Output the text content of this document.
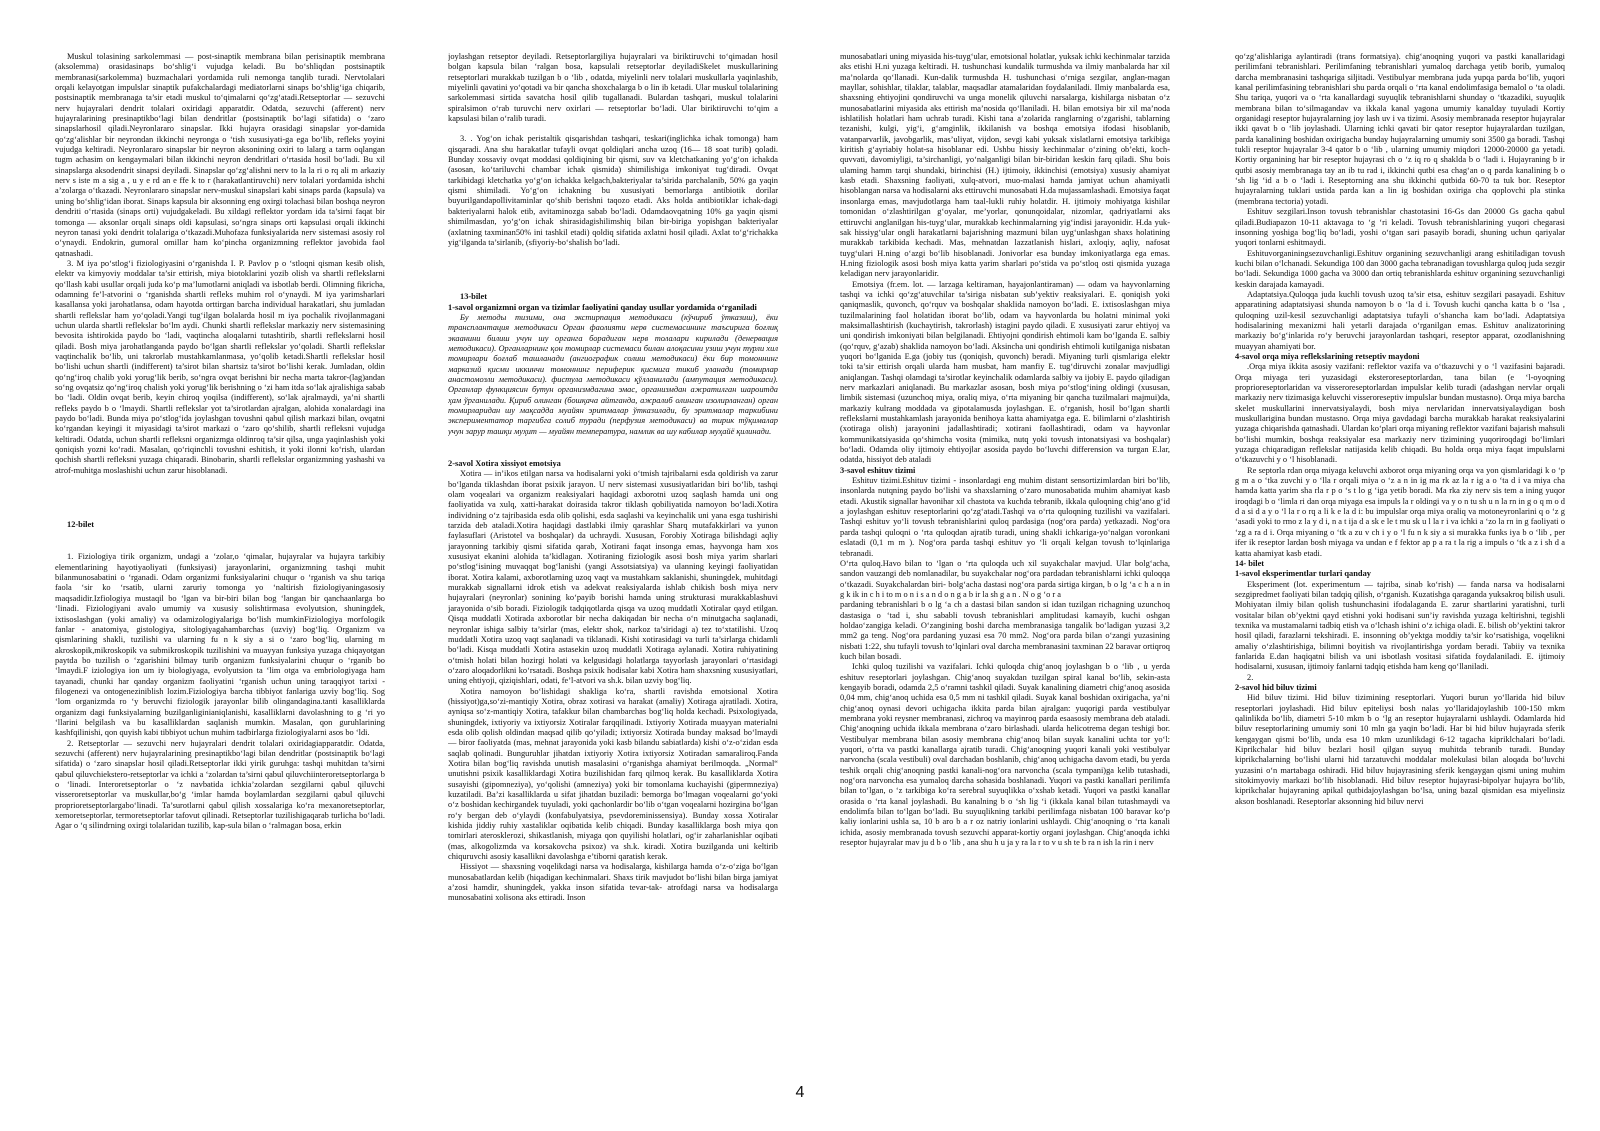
Muskul tolasining sarkolemmasi — post-sinaptik membrana bilan perisinaptik membrana (aksolemma) orasidasinaps bo‘shlig‘i vujudga keladi. Bu bo‘shliqdan postsinaptik membranasi(sarkolemma) buzmachalari yordamida ruli nemonga tanqlib turadi. Nervtolalari orqali kelayotgan impulslar sinaptik pufakchalardagi mediatorlarni sinaps bo‘shlig‘iga chiqarib, postsinaptik membranaga ta’sir etadi muskul to‘qimalarni qo‘zg‘atadi.Retseptorlar — sezuvchi nerv hujayralari dendrit tolalari oxiridagi apparatdir. Odatda, sezuvchi (afferent) nerv hujayralarining presinaptikbo‘lagi bilan dendritlar (postsinaptik bo‘lagi sifatida) o ‘zaro sinapslarhosil qiladi.Neyronlararo sinapslar. Ikki hujayra orasidagi sinapslar yor-damida qo‘zg‘alishlar bir neyrondan ikkinchi neyronga o ‘tish xususiyati-ga ega bo‘lib, refleks yoyini vujudga keltiradi. Neyronlararo sinapslar bir neyron aksonining oxiri to lalarg a tarm oqlangan tugm achasim on kengaymalari bilan ikkinchi neyron dendritlari o‘rtasida hosil bo‘ladi. Bu xil sinapslarga aksodendrit sinapsi deyiladi. Sinapslar qo‘zg‘alishni nerv to la la ri o rq ali m arkaziy nerv s iste m a sig a , u y e rd an e ffe k to r (harakatlantiruvchi) nerv tolalari yordamida ishchi a’zolarga o‘tkazadi. Neyronlararo sinapslar nerv-muskul sinapslari kabi sinaps parda (kapsula) va uning bo‘shlig‘idan iborat. Sinaps kapsula bir aksonning eng oxirgi tolachasi bilan boshqa neyron dendriti o‘rtasida (sinaps orti) vujudgakeladi. Bu xildagi reflektor yordam ida ta’sirni faqat bir tomonga — aksonlar orqali sinaps oldi kapsulasi, so‘ngra sinaps orti kapsulasi orqali ikkinchi neyron tanasi yoki dendrit tolalariga o‘tkazadi.Muhofaza funksiyalarida nerv sistemasi asosiy rol o‘ynaydi. Endokrin, gumoral omillar ham ko‘pincha organizmning reflektor javobida faol qatnashadi.

3. M iya po‘stlog‘i fiziologiyasini o‘rganishda I. P. Pavlov p o ‘stloqni qisman kesib olish, elektr va kimyoviy moddalar ta’sir ettirish, miya biotoklarini yozib olish va shartli reflekslarni qo‘llash kabi usullar orqali juda ko‘p ma’lumotlarni aniqladi va isbotlab berdi. Olimning fikricha, odamning fe’l-atvorini o ‘rganishda shartli refleks muhim rol o‘ynaydi. M iya yarimsharlari kasallansa yoki jarohatlansa, odam hayotda orttirgan barcha individual harakatlari, shu jumladan shartli reflekslar ham yo‘qoladi.Yangi tug‘ilgan bolalarda hosil m iya pochalik rivojlanmagani uchun ularda shartli reflekslar bo‘lm aydi. Chunki shartli reflekslar markaziy nerv sistemasining bevosita ishtirokida paydo bo ‘ladi, vaqtincha aloqalarni tutashtirib, shartli reflekslarni hosil qiladi. Bosh miya jarohatlanganda paydo bo‘lgan shartli reflekslar yo‘qoladi. Shartli reflekslar vaqtinchalik bo‘lib, uni takrorlab mustahkamlanmasa, yo‘qolib ketadi.Shartli reflekslar hosil bo‘lishi uchun shartli (indifferent) ta’sirot bilan shartsiz ta’sirot bo‘lishi kerak. Jumladan, oldin qo‘ng‘iroq chalib yoki yorug‘lik berib, so‘ngra ovqat berishni bir necha marta takror-(lag)andan so‘ng ovqatsiz qo‘ng‘iroq chalish yoki yorug‘lik berishning o ‘zi ham itda so‘lak ajralishiga sabab bo ‘ladi. Oldin ovqat berib, keyin chiroq yoqilsa (indifferent), so‘lak ajralmaydi, ya’ni shartli refleks paydo b o ‘lmaydi. Shartli reflekslar yot ta’sirotlardan ajralgan, alohida xonalardagi ina paydo bo‘ladi. Bunda miya po‘stlog‘ida joylashgan tovushni qabul qilish markazi bilan, ovqatni ko‘rgandan keyingi it miyasidagi ta’sirot markazi o ‘zaro qo‘shilib, shartli refleksni vujudga keltiradi. Odatda, uchun shartli refleksni organizmga oldinroq ta’sir qilsa, unga yaqinlashish yoki qoniqish yozni ko‘radi. Masalan, qo‘riqinchli tovushni eshitish, it yoki ilonni ko‘rish, ulardan qochish shartli refleksni yuzaga chiqaradi. Binobarin, shartli reflekslar organizmning yashashi va atrof-muhitga moslashishi uchun zarur hisoblanadi.

12-bilet

1. Fiziologiya tirik organizm, undagi a ‘zolar,o ‘qimalar, hujayralar va hujayra tarkibiy elementlarining hayotiyaoliyati (funksiyasi) jarayonlarini, organizmning tashqi muhit bilanmunosabatini o ‘rganadi. Odam organizmi funksiyalarini chuqur o ‘rganish va shu tariqa faola ‘sir ko ‘rsatib, ularni zaruriy tomonga yo ‘naltirish fiziologiyaningasosiy maqsadidir.Izfiologiya mustaqil bo ‘lgan va bir-biri bilan bog ‘langan bir qanchaanlarga bo ‘linadi. Fiziologiyani avalo umumiy va xususiy solishtirmasa evolyutsion, shuningdek, ixtisoslashgan (yoki amaliy) va odamizologiyalariga bo‘lish mumkinFiziologiya morfologik fanlar - anatomiya, gistologiya, sitologiyagahambarchas (uzviy) bog‘liq. Organizm va qismlarining shakli, tuzilishi va ularning fu n k siy a si o ‘zaro bog‘liq, ularning m akroskopik,mikroskopik va submikroskopik tuzilishini va muayyan funksiya yuzaga chiqayotgan paytda bo tuzilish o ‘zgarishini bilmay turib organizm funksiyalarini chuqur o ‘rganib bo ‘lmaydi.F iziologiya ion um iy biologiyaga, evolyutsion ta ‘lim otga va embriologiyaga ham tayanadi, chunki har qanday organizm faoliyatini ‘rganish uchun uning taraqqiyot tarixi - filogenezi va ontogeneziniblish lozim.Fiziologiya barcha tibbiyot fanlariga uzviy bog‘liq. Sog ‘lom organizmda ro ‘y beruvchi fiziologik jarayonlar bilib olingandagina.tanti kasalliklarda organizm dagi funksiyalarning buzilganliginianiqlanishi, kasalliklarni davolashning to g ‘ri yo ‘llarini belgilash va bu kasalliklardan saqlanish mumkin. Masalan, qon guruhlarining kashfqilinishi, qon quyish kabi tibbiyot uchun muhim tadbirlarga fiziologiyalarni asos bo ‘ldi.

2. Retseptorlar — sezuvchi nerv hujayralari dendrit tolalari oxiridagiapparatdir. Odatda, sezuvchi (afferent) nerv hujayralarining presinaptikbo‘lagi bilan dendritlar (postsinaptik bo‘lagi sifatida) o ‘zaro sinapslar hosil qiladi.Retseptorlar ikki yirik guruhga: tashqi muhitdan ta’sirni qabul qiluvchiekstero-retseptorlar va ichki a ‘zolardan ta’sirni qabul qiluvchiinteroretseptorlarga b o ‘linadi. Interoretseptorlar o ‘z navbatida ichkia’zolardan sezgilarni qabul qiluvchi visseroretseptorlar va muskullar,bo‘g ‘imlar hamda boylamlardan sezgilarni qabul qiluvchi proprioretseptorlargabo‘linadi. Ta’surotlarni qabul qilish xossalariga ko‘ra mexanoretseptorlar, xemoretseptorlar, termoretseptorlar tafovut qilinadi. Retseptorlar tuzilishigaqarab turlicha bo‘ladi. Agar o ‘q silindrning oxirgi tolalaridan tuzilib, kap-sula bilan o ‘ralmagan bosa, erkin

joylashgan retseptor deyiladi. Retseptorlargiliya hujayralari va biriktiruvchi to‘qimadan hosil bolgan kapsula bilan ‘ralgan bosa, kapsulali retseptorlar deyiladiSkelet muskullarining retseptorlari murakkab tuzilgan b o ‘lib , odatda, miyelinli nerv tolalari muskullarla yaqinlashib, miyelinli qavatini yo‘qotadi va bir qancha shoxchalarga b o lin ib ketadi. Ular muskul tolalarining sarkolemmasi sirtida savatcha hosil qilib tugallanadi. Bulardan tashqari, muskul tolalarini spiralsimon o‘rab turuvchi nerv oxirlari — retseptorlar bo‘ladi. Ular biriktiruvchi to‘qim a kapsulasi bilan o‘ralib turadi.

3. . Yog‘on ichak peristaltik qisqarishdan tashqari, teskari(inglichka ichak tomonga) ham qisqaradi. Ana shu harakatlar tufayli ovqat qoldiqlari ancha uzoq (16— 18 soat turib) qoladi. Bunday xossaviy ovqat moddasi qoldiqining bir qismi, suv va kletchatkaning yo‘g‘on ichakda (asosan, ko‘tariluvchi chambar ichak qismida) shimilishiga imkoniyat tug‘diradi. Ovqat tarkibidagi kletchatka yo‘g‘on ichakka kelgach,bakteriyalar ta’sirida parchalanib, 50% ga yaqin qismi shimiladi. Yo‘g‘on ichakning bu xususiyati bemorlarga antibiotik dorilar buyurilgandapollivitaminlar qo‘shib berishni taqozo etadi. Aks holda antibiotiklar ichak-dagi bakteriyalarni halok etib, avitaminozga sabab bo‘ladi. Odamdaovqatning 10% ga yaqin qismi shimilmasdan, yo‘g‘on ichak shirasidagishilimshiq bilan bir-biriga yopishgan bakteriyalar (axlatning taxminan50% ini tashkil etadi) qoldiq sifatida axlatni hosil qiladi. Axlat to‘g‘richakka yig‘ilganda ta’sirlanib, (sfiyoriy-bo‘shalish bo‘ladi.

13-bilet

1-savol organizmni organ va tizimlar faoliyatini qanday usullar yordamida o‘rganiladi

Бу методы тизими, она экстирпация методикаси (кўчириб ўтказиш), ёки трансплантация методикаси Орган фаолияти нерв системасининг таъсирига боғлиқ экаанини билиш учун шу органга борадиган нерв толалари кирилади (денервация методикаси). Органларнинг қон томирлар системаси билан алоқасини узиш учун турли хил томирлари боғлаб ташланади (ангиографик солиш методикаси) ёки бир томоннинг марказий қисми иккинчи томоннинг периферик қисмига тикиб уланади (томирлар анастомозли методикаси). фистула методикаси қўлланилади (ампутация методикаси). Органлар функциясин бутун организмдагина эмас, организмдан ажратилган шароитда ҳам ўрганилади. Қириб олинган (бошқача айтганда, ажралиб олинган изолирланган) орган томирларидан шу мақсадда муайян эритмалар ўтказилади, бу эритмалар таркибини экспериментатор таргибга солиб туради (перфузия методикаси) ва тирик тўқималар учун зарур ташқи муҳит — муайян температура, намлик ва шу кабилар муҳайё қилинади.

2-savol Xotira xissiyot emotsiya

Xotira — in’ikos etilgan narsa va hodisalarni yoki o‘tmish tajribalarni esda qoldirish va zarur bo‘lganda tiklashdan iborat psixik jarayon. U nerv sistemasi xususiyatlaridan biri bo‘lib, tashqi olam voqealari va organizm reaksiyalari haqidagi axborotni uzoq saqlash hamda uni ong faoliyatida va xulq, xatti-harakat doirasida takror tiklash qobiliyatida namoyon bo‘ladi.Xotira individning o‘z tajribasida esda olib qolishi, esda saqlashi va keyinchalik uni yana esga tushirishi tarzida deb ataladi.Xotira haqidagi dastlabki ilmiy qarashlar Sharq mutafakkirlari va yunon faylasuflari (Aristotel va boshqalar) da uchraydi. Xususan, Forobiy Xotiraga bilishdagi aqliy jarayonning tarkibiy qismi sifatida qarab, Xotirani faqat insonga emas, hayvonga ham xos xususiyat ekanini alohida ta’kidlagan. Xotiraning fiziologik asosi bosh miya yarim sharlari po‘stlog‘isining muvaqqat bog‘lanishi (yangi Assotsiatsiya) va ulanning keyingi faoliyatidan iborat. Xotira kalami, axborotlarning uzoq vaqt va mustahkam saklanishi, shuningdek, muhitdagi murakkab signallarni idrok etish va adekvat reaksiyalarda ishlab chikish bosh miya nerv hujayralari (neyronlar) sonining ko‘payib borishi hamda uning strukturasi murakkablashuvi jarayonida o‘sib boradi. Fiziologik tadqiqotlarda qisqa va uzoq muddatli Xotiralar qayd etilgan. Qisqa muddatli Xotirada axborotlar bir necha dakiqadan bir necha o‘n minutgacha saqlanadi, neyronlar ishiga salbiy ta’sirlar (mas, elektr shok, narkoz ta’siridagi a) tez to‘xtatilishi. Uzoq muddatli Xotira uzoq vaqt saqlanadi va tiklanadi. Kishi xotirasidagi va turli ta’sirlarga chidamli bo‘ladi. Kisqa muddatli Xotira astasekin uzoq muddatli Xotiraga aylanadi. Xotira ruhiyatining o‘tmish holati bilan hozirgi holati va kelgusidagi holatlarga tayyorlash jarayonlari o‘rtasidagi o‘zaro aloqadorlikni ko‘rsatadi. Boshqa psixik hodisalar kabi Xotira ham shaxsning xususiyatlari, uning ehtiyoji, qiziqishlari, odati, fe’l-atvori va sh.k. bilan uzviy bog‘liq.

Xotira namoyon bo‘lishidagi shakliga ko‘ra, shartli ravishda emotsional Xotira (hissiyot)ga,so‘zi-mantiqiy Xotira, obraz xotirasi va harakat (amaliy) Xotiraga ajratiladi. Xotira, ayniqsa so‘z-mantiqiy Xotira, tafakkur bilan chambarchas bog‘liq holda kechadi. Psixologiyada, shuningdek, ixtiyoriy va ixtiyorsiz Xotiralar farqqilinadi. Ixtiyoriy Xotirada muayyan materialni esda olib qolish oldindan maqsad qilib qo‘yiladi; ixtiyorsiz Xotirada bunday maksad bo‘lmaydi — biror faoliyatda (mas, mehnat jarayonida yoki kasb bilandu sabiatlarda) kishi o‘z-o‘zidan esda saqlab qolinadi. Bunguruhlar jihatdan ixtiyoriy Xotira ixtiyorsiz Xotiradan samaraliroq.Fanda Xotira bilan bog‘liq ravishda unutish masalasini o‘rganishga ahamiyat berilmoqda. „Normal“ unutishni psixik kasalliklardagi Xotira buzilishidan farq qilmoq kerak. Bu kasalliklarda Xotira susayishi (gipomneziya), yo‘qolishi (amneziya) yoki bir tomonlama kuchayishi (gipermneziya) kuzatiladi. Ba’zi kasalliklarda u sifat jihatdan buziladi: bemorga bo‘lmagan voqealarni go‘yoki o‘z boshidan kechirgandek tuyuladi, yoki qachonlardir bo‘lib o‘tgan voqealarni hozirgina bo‘lgan ro‘y bergan deb o‘ylaydi (konfabulyatsiya, psevdoreminissensiya). Bunday xossa Xotiralar kishida jiddiy ruhiy xastaliklar oqibatida kelib chiqadi. Bunday kasalliklarga bosh miya qon tomirlari aterosklerozi, shikastlanish, miyaga qon quyilishi holatlari, og‘ir zaharlanishlar oqibati (mas, alkogolizmda va korsakovcha psixoz) va sh.k. kiradi. Xotira buzilganda uni keltirib chiquruvchi asosiy kasallikni davolashga e’tiborni qaratish kerak.

Hissiyot — shaxsning voqelikdagi narsa va hodisalarga, kishilarga hamda o‘z-o‘ziga bo‘lgan munosabatlardan kelib (hiqadigan kechinmalari. Shaxs tirik mavjudot bo‘lishi bilan birga jamiyat a’zosi hamdir, shuningdek, yakka inson sifatida tevar-tak- atrofdagi narsa va hodisalarga munosabatini xolisona aks ettiradi. Inson

munosabatlari uning miyasida his-tuyg‘ular, emotsional holatlar, yuksak ichki kechinmalar tarzida aks etishi H.ni yuzaga keltiradi. H. tushunchasi kundalik turmushda va ilmiy manbalarda har xil ma’nolarda qo‘llanadi. Kun-dalik turmushda H. tushunchasi o‘rniga sezgilar, anglan-magan mayllar, sohishlar, tilaklar, talablar, maqsadlar atamalaridan foydalaniladi. Ilmiy manbalarda esa, shaxsning ehtiyojini qondiruvchi va unga monelik qiluvchi narsalarga, kishilarga nisbatan o‘z munosabatlarini miyasida aks ettirish ma’nosida qo‘llaniladi. H. bilan emotsiya bir xil ma’noda ishlatilish holatlari ham uchrab turadi. Kishi tana a’zolarida ranglarning o‘zgarishi, tablarning tezanishi, kulgi, yig‘i, g‘amginlik, ikkilanish va boshqa emotsiya ifodasi hisoblanib, vatanparvarlik, javobgarlik, mas’uliyat, vijdon, sevgi kabi yuksak xislatlarni emotsiya tarkibiga kiritish g‘ayriabiy holat-sa hisoblanar edi. Ushbu hissiy kechinmalar o‘zining ob’ekti, koch-quvvati, davomiyligi, ta’sirchanligi, yo‘nalganligi bilan bir-biridan keskin farq qiladi. Shu bois ulaming hamm tarqi shundaki, birinchisi (H.) ijtimoiy, ikkinchisi (emotsiya) xususiy ahamiyat kasb etadi. Shaxsning faoliyati, xulq-atvori, muo-malasi hamda jamiyat uchun ahamiyatli hisoblangan narsa va hodisalarni aks ettiruvchi munosabati H.da mujassamlashadi. Emotsiya faqat insonlarga emas, mavjudotlarga ham taal-lukli ruhiy holatdir. H. ijtimoiy mohiyatga kishilar tomonidan o‘zlashtirilgan g‘oyalar, me’yorlar, qonunqoidalar, nizomlar, qadriyatlarni aks ettiruvchi anglanilgan his-tuyg‘ular, murakkab kechinmalarning yig‘indisi jarayonidir. H.da yuk-sak hissiyg‘ular ongli harakatlarni bajarishning mazmuni bilan uyg‘unlashgan shaxs holatining murakkab tarkibida kechadi. Mas, mehnatdan lazzatlanish hislari, axloqiy, aqliy, nafosat tuyg‘ulari H.ning o‘azgi bo‘lib hisoblanadi. Jonivorlar esa bunday imkoniyatlarga ega emas. H.ning fiziologik asosi bosh miya katta yarim sharlari po‘stida va po‘stloq osti qismida yuzaga keladigan nerv jarayonlaridir.

Emotsiya (fr.em. lot. — larzaga keltiraman, hayajonlantiraman) — odam va hayvonlarning tashqi va ichki qo‘zg‘atuvchilar ta’siriga nisbatan sub’yektiv reaksiyalari. E. qoniqish yoki qaniqmaslik, quvonch, qo‘rquv va boshqalar shaklida namoyon bo‘ladi. E. ixtisoslashgan miya tuzilmalarining faol holatidan iborat bo‘lib, odam va hayvonlarda bu holatni minimal yoki maksimallashtirish (kuchaytirish, takrorlash) istagini paydo qiladi. E xususiyati zarur ehtiyoj va uni qondirish imkoniyati bilan belgilanadi. Ehtiyojni qondirish ehtimoli kam bo‘lganda E. salbiy (qo‘rquv, g‘azab) shaklida namoyon bo‘ladi. Aksincha uni qondirish ehtimoli kutilganiga nisbatan yuqori bo‘lganida E.ga (jobiy tus (qoniqish, quvonch) beradi. Miyaning turli qismlariga elektr toki ta’sir ettirish orqali ularda ham musbat, ham manfiy E. tug‘diruvchi zonalar mavjudligi aniqlangan. Tashqi olamdagi ta’sirotlar keyinchalik odamlarda salbiy va ijobiy E. paydo qiladigan nerv markazlari aniqlanadi. Bu markazlar asosan, bosh miya po‘stlog‘ining oldingi (xususan, limbik sistemasi (uzunchoq miya, oraliq miya, o‘rta miyaning bir qancha tuzilmalari majmui)da, markaziy kulrang moddada va gipotalamusda joylashgan. E. o‘rganish, hosil bo‘lgan shartli reflekslarni mustahkamlash jarayonida benihoya katta ahamiyatga ega. E. bilimlarni o‘zlashtirish (xotiraga olish) jarayonini jadallashtiradi; xotirani faollashtiradi, odam va hayvonlar kommunikatsiyasida qo‘shimcha vosita (mimika, nutq yoki tovush intonatsiyasi va boshqalar) bo‘ladi. Odamda oliy ijtimoiy ehtiyojlar asosida paydo bo‘luvchi differension va turgan E.lar, odatda, hissiyot deb ataladi

3-savol eshituv tizimi

Eshituv tizimi.Eshituv tizimi - insonlardagi eng muhim distant sensortizimlardan biri bo‘lib, insonlarda nutqning paydo bo‘lishi va shaxslarning o‘zaro munosabatida muhim ahamiyat kasb etadi. Akustik signallar havonihar xil chastota va kuchda tebranib, ikkala quloqning chig‘ano g‘id a joylashgan eshituv reseptorlarini qo‘zg‘atadi.Tashqi va o‘rta quloqning tuzilishi va vazifalari. Tashqi eshituv yo‘li tovush tebranishlarini quloq pardasiga (nog‘ora parda) yetkazadi. Nog‘ora parda tashqi quloqni o ‘rta quloqdan ajratib turadi, uning shakli ichkariga-yo‘nalgan voronkani eslatadi (0,1 m m ). Nog‘ora parda tashqi eshituv yo ‘li orqali kelgan tovush to‘lqinlariga tebranadi.

O‘rta quloq.Havo bilan to ‘lgan o ‘rta quloqda uch xil suyakchalar mavjud. Ular bolg‘acha, sandon vauzangi deb nomlanadilar, bu suyakchalar nog‘ora pardadan tebranishlarni ichki quloqqa o‘tkazadi. Suyakchalardan biri- bolg‘acha dastasi nog‘ora parda sirtiga kirgan, b o lg ‘a c h a n in g k ik in c h i to m o n i s a n d o n g a b ir la sh g a n . N o g ‘o r a

pardaning tebranishlari b o lg ‘a ch a dastasi bilan sandon si idan tuzilgan richagning uzunchoq dastasiga o ‘tad i, shu sababli tovush tebranishlari amplitudasi kamayib, kuchi oshgan holdao‘zangiga keladi. O‘zangining boshi darcha membranasiga tangalik bo‘ladigan yuzasi 3,2 mm2 ga teng. Nog‘ora pardaning yuzasi esa 70 mm2. Nog‘ora parda bilan o‘zangi yuzasining nisbati 1:22, shu tufayli tovush to‘lqinlari oval darcha membranasini taxminan 22 baravar ortiqroq kuch bilan bosadi.

Ichki quloq tuzilishi va vazifalari. Ichki quloqda chig‘anoq joylashgan b o ‘lib , u yerda eshituv reseptorlari joylashgan. Chig‘anoq suyakdan tuzilgan spiral kanal bo‘lib, sekin-asta kengayib boradi, odamda 2,5 o‘ramni tashkil qiladi. Suyak kanalining diametri chig‘anoq asosida 0,04 mm, chig‘anoq uchida esa 0,5 mm ni tashkil qiladi. Suyak kanal boshidan oxirigacha, ya’ni chig‘anoq oynasi devori uchigacha ikkita parda bilan ajralgan: yuqorigi parda vestibulyar membrana yoki reysner membranasi, zichroq va mayinroq parda esaasosiy membrana deb ataladi. Chig‘anoqning uchida ikkala membrana o‘zaro birlashadi. ularda helicotrema degan teshigi bor. Vestibulyar membrana bilan asosiy membrana chig‘anoq bilan suyak kanalini uchta tor yo‘l: yuqori, o‘rta va pastki kanallarga ajratib turadi. Chig‘anoqning yuqori kanali yoki vestibulyar narvoncha (scala vestibuli) oval darchadan boshlanib, chig‘anoq uchigacha davom etadi, bu yerda teshik orqali chig‘anoqning pastki kanali-nog‘ora narvoncha (scala tympani)ga kelib tutashadi, nog‘ora narvoncha esa yumaloq darcha sohasida boshlanadi. Yuqori va pastki kanallari perilimfa bilan to‘lgan, o ‘z tarkibiga ko‘ra serebral suyuqlikka o‘xshab ketadi. Yuqori va pastki kanallar orasida o ‘rta kanal joylashadi. Bu kanalning b o ‘sh lig ‘i (ikkala kanal bilan tutashmaydi va endolimfa bilan to‘lgan bo‘ladi. Bu suyuqlikning tarkibi perilimfaga nisbatan 100 baravar ko‘p kaliy ionlarini ushla sa, 10 b aro b a r oz natriy ionlarini ushlaydi. Chig‘anoqning o ‘rta kanali ichida, asosiy membranada tovush sezuvchi apparat-kortiy organi joylashgan. Chig‘anoqda ichki reseptor hujayralar mav ju d b o ‘lib , ana shu h u ja y ra la r to v u sh te b ra n ish la rin i nerv

qo‘zg‘alishlariga aylantiradi (trans formatsiya). chig‘anoqning yuqori va pastki kanallaridagi perilimfani tebranishlari. Perilimfaning tebranishlari yumaloq darchaga yetib borib, yumaloq darcha membranasini tashqariga siljitadi. Vestibulyar membrana juda yupqa parda bo‘lib, yuqori kanal perilimfasining tebranishlari shu parda orqali o ‘rta kanal endolimfasiga bemalol o ‘ta oladi. Shu tariqa, yuqori va o ‘rta kanallardagi suyuqlik tebranishlarni shunday o ‘tkazadiki, suyuqlik membrana bilan to‘silmagandav va ikkala kanal yagona umumiy kanalday tuyuladi Kortiy organidagi reseptor hujayralarning joy lash uv i va tizimi. Asosiy membranada reseptor hujayralar ikki qavat b o ‘lib joylashadi. Ularning ichki qavati bir qator reseptor hujayralardan tuzilgan, parda kanalining boshidan oxirigacha bunday hujayralarning umumiy soni 3500 ga boradi. Tashqi tukli reseptor hujayralar 3-4 qator b o ‘lib , ularning umumiy miqdori 12000-20000 ga yetadi. Kortiy organining har bir reseptor hujayrasi ch o ‘z iq ro q shaklda b o ‘ladi i. Hujayraning b ir qutbi asosiy membranaga tay an ib tu rad i, ikkinchi qutbi esa chag‘an o q parda kanalining b o ‘sh lig ‘id a b o ‘ladi i. Reseptorning ana shu ikkinchi qutbida 60-70 ta tuk bor. Reseptor hujayralarning tuklari ustida parda kan a lin ig boshidan oxiriga cha qoplovchi pla stinka (membrana tectoria) yotadi.

Eshituv sezgilari.Inson tovush tebranishlar chastotasini 16-Gs dan 20000 Gs gacha qabul qiladi.Budiapazon 10-11 aktavaga to ‘g ‘ri keladi. Tovush tebranishlarining yuqori chegarasi insonning yoshiga bog‘liq bo‘ladi, yoshi o‘tgan sari pasayib boradi, shuning uchun qariyalar yuqori tonlarni eshitmaydi.

Eshituvorganiningsezuvchanligi.Eshituv organining sezuvchanligi arang eshitiladigan tovush kuchi bilan o‘lchanadi. Sekundiga 100 dan 3000 gacha tebranadigan tovushlarga quloq juda sezgir bo‘ladi. Sekundiga 1000 gacha va 3000 dan ortiq tebranishlarda eshituv organining sezuvchanligi keskin darajada kamayadi.

Adaptatsiya.Quloqqa juda kuchli tovush uzoq ta’sir etsa, eshituv sezgilari pasayadi. Eshituv apparatining adaptatsiyasi shunda namoyon b o ‘la d i. Tovush kuchi qancha katta b o ‘lsa , quloqning uzil-kesil sezuvchanligi adaptatsiya tufayli o‘shancha kam bo‘ladi. Adaptatsiya hodisalarining mexanizmi hali yetarli darajada o‘rganilgan emas. Eshituv analizatorining markaziy bo‘g‘inlarida ro‘y beruvchi jarayonlardan tashqari, reseptor apparat, ozodlanishning muayyan ahamiyati bor.

4-savol orqa miya reflekslarining retseptiv maydoni

.Orqa miya ikkita asosiy vazifani: reflektor vazifa va o‘tkazuvchi y o ‘l vazifasini bajaradi. Orqa miyaga teri yuzasidagi eksteroreseptorlardan, tana bilan (e ‘l-oyoqning proprioreseptorlaridan va visseroreseptorlardan impulslar kelib turadi (adashgan nervlar orqali markaziy nerv tizimasiga keluvchi visseroreseptiv impulslar bundan mustasno). Orqa miya barcha skelet muskullarini innervatsiyalaydi, bosh miya nervlaridan innervatsiyalaydigan bosh muskullarigina bundan mustasno. Orqa miya gavdadagi barcha murakkab harakat reaksiyalarini yuzaga chiqarishda qatnashadi. Ulardan ko‘plari orqa miyaning reflektor vazifani bajarish mahsuli bo‘lishi mumkin, boshqa reaksiyalar esa markaziy nerv tizimining yuqoriroqdagi bo‘limlari yuzaga chiqaradigan reflekslar natijasida kelib chiqadi. Bu holda orqa miya faqat impulslarni o‘tkazuvchi y o ‘l hisoblanadi.

Re septorla rdan orqa miyaga keluvchi axborot orqa miyaning orqa va yon qismlaridagi k o ‘p g m a o ‘tka zuvchi y o ‘lla r orqali miya o ‘z a n in ig ma rk az la r ig a o ‘ta d i va miya cha hamda katta yarim sha rla r p o ‘s t lo g ‘iga yetib boradi. Ma rka ziy nerv sis tem a ining yuqor iroqdagi b o ‘limla ri dan orqa miyaga esa impuls la r oldingi va y o n tu sh u n la rn in g o q m o d d a si d a y o ‘l la r o rq a li k e la d i: bu impulslar orqa miya oraliq va motoneyronlarini q o ‘z g ‘asadi yoki to rmo z la y d i, n a t ija d a sk e le t mu sk u l la r i va ichki a ‘zo la rn in g faoliyati o ‘zg a ra d i. Orqa miyaning o ‘tk a zu v ch i y o ‘l fu n k siy a si murakka funks iya b o ‘lib , per ifer ik reseptor lardan bosh miyaga va undan e f fektor ap p a ra t la rig a impuls o ‘tk a z i sh d a katta ahamiyat kasb etadi.

14- bilet

1-savol eksperimentlar turlari qanday

Eksperiment (lot. experimentum — tajriba, sinab ko‘rish) — fanda narsa va hodisalarni sezgipredmet faoliyati bilan tadqiq qilish, o‘rganish. Kuzatishga qaraganda yuksakroq bilish usuli. Mohiyatan ilmiy bilan qolish tushunchasini ifodalaganda E. zarur shartlarini yaratishni, turli vositalar bilan ob’yektni qayd etishni yoki hodisani sun’iy ravishda yuzaga keltirishni, tegishli texnika va mustamalarni tadbiq etish va o‘lchash ishini o‘z ichiga oladi. E. bilish ob’yektini takror hosil qiladi, farazlarni tekshiradi. E. insonning ob’yektga moddiy ta’sir ko‘rsatishiga, voqelikni amaliy o‘zlashtirishiga, bilimni boyitish va rivojlantirishga yordam beradi. Tabiiy va texnika fanlarida E.dan haqiqatni bilish va uni isbotlash vositasi sifatida foydalaniladi. E. ijtimoiy hodisalarni, xususan, ijtimoiy fanlarni tadqiq etishda ham keng qo‘llaniladi.

2.

2-savol hid biluv tizimi

Hid biluv tizimi. Hid biluv tizimining reseptorlari. Yuqori burun yo‘llarida hid biluv reseptorlari joylashadi. Hid biluv epiteliysi bosh nalas yo‘llaridajoylashib 100-150 mkm qalinlikda bo‘lib, diametri 5-10 mkm b o ‘lg an reseptor hujayralarni ushlaydi. Odamlarda hid biluv reseptorlarining umumiy soni 10 mln ga yaqin bo‘ladi. Har bi hid biluv hujayrada sferik kengaygan qismi bo‘lib, unda esa 10 mkm uzunlikdagi 6-12 tagacha kipriklchalari bo‘ladi. Kiprikchalar hid biluv bezlari hosil qilgan suyuq muhitda tebranib turadi. Bunday kiprikchalarning bo‘lishi ularni hid tarzatuvchi moddalar molekulasi bilan aloqada bo‘luvchi yuzasini o‘n martabaga oshiradi. Hid biluv hujayrasining sferik kengaygan qismi uning muhim sitokimyoviy markazi bo‘lib hisoblanadi. Hid biluv reseptor hujayrasi-bipolyar hujayra bo‘lib, kiprikchalar hujayraning apikal qutbidajoylashgan bo‘lsa, uning bazal qismidan esa miyelinsiz akson boshlanadi. Reseptorlar aksonning hid biluv nervi

4
